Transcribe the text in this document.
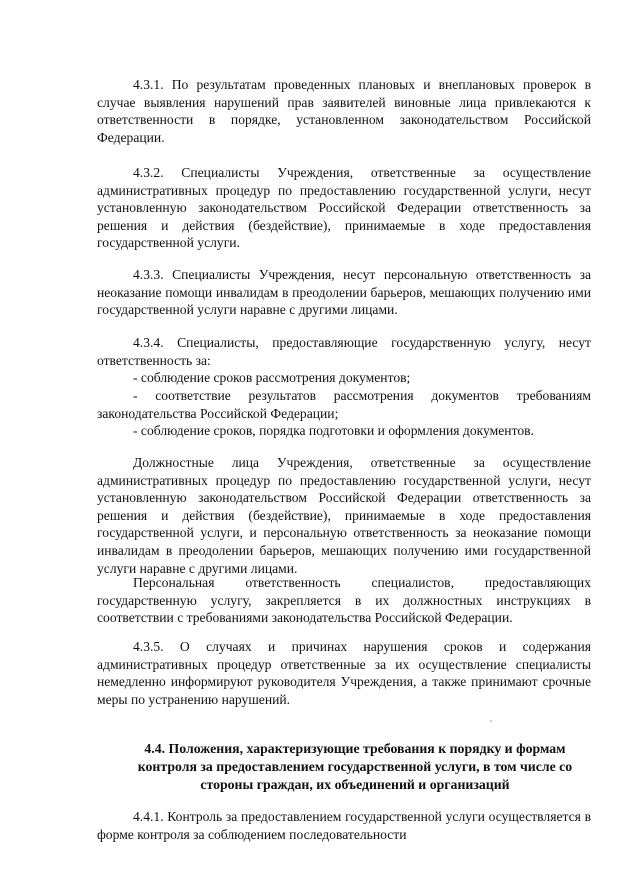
4.3.1. По результатам проведенных плановых и внеплановых проверок в случае выявления нарушений прав заявителей виновные лица привлекаются к ответственности в порядке, установленном законодательством Российской Федерации.

4.3.2. Специалисты Учреждения, ответственные за осуществление административных процедур по предоставлению государственной услуги, несут установленную законодательством Российской Федерации ответственность за решения и действия (бездействие), принимаемые в ходе предоставления государственной услуги.

4.3.3. Специалисты Учреждения, несут персональную ответственность за неоказание помощи инвалидам в преодолении барьеров, мешающих получению ими государственной услуги наравне с другими лицами.

4.3.4. Специалисты, предоставляющие государственную услугу, несут ответственность за:

- соблюдение сроков рассмотрения документов;

- соответствие результатов рассмотрения документов требованиям законодательства Российской Федерации;

- соблюдение сроков, порядка подготовки и оформления документов.

Должностные лица Учреждения, ответственные за осуществление административных процедур по предоставлению государственной услуги, несут установленную законодательством Российской Федерации ответственность за решения и действия (бездействие), принимаемые в ходе предоставления государственной услуги, и персональную ответственность за неоказание помощи инвалидам в преодолении барьеров, мешающих получению ими государственной услуги наравне с другими лицами.

Персональная ответственность специалистов, предоставляющих государственную услугу, закрепляется в их должностных инструкциях в соответствии с требованиями законодательства Российской Федерации.

4.3.5. О случаях и причинах нарушения сроков и содержания административных процедур ответственные за их осуществление специалисты немедленно информируют руководителя Учреждения, а также принимают срочные меры по устранению нарушений.

4.4. Положения, характеризующие требования к порядку и формам контроля за предоставлением государственной услуги, в том числе со стороны граждан, их объединений и организаций

4.4.1. Контроль за предоставлением государственной услуги осуществляется в форме контроля за соблюдением последовательности
